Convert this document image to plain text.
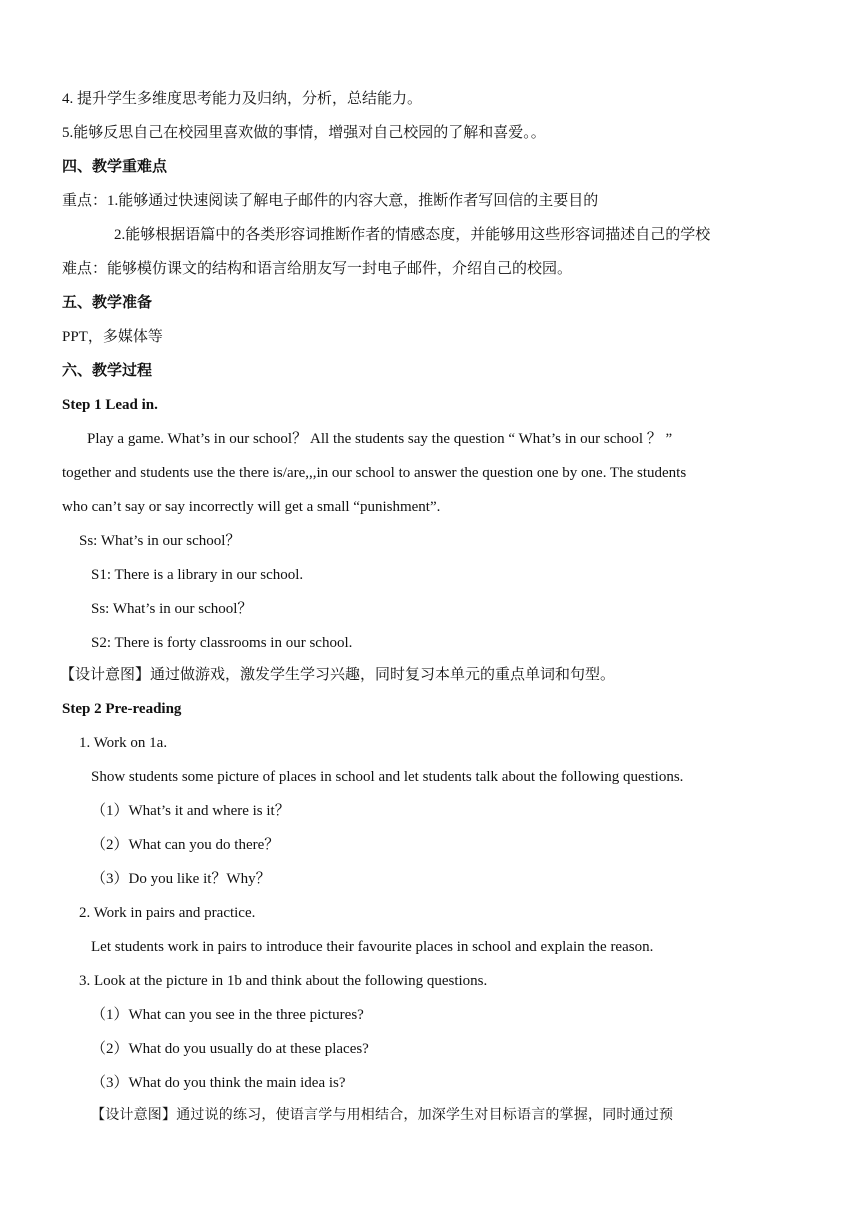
4. 提升学生多维度思考能力及归纳，分析，总结能力。
5.能够反思自己在校园里喜欢做的事情，增强对自己校园的了解和喜爱。。
四、教学重难点
重点：1.能够通过快速阅读了解电子邮件的内容大意，推断作者写回信的主要目的
2.能够根据语篇中的各类形容词推断作者的情感态度，并能够用这些形容词描述自己的学校
难点：能够模仿课文的结构和语言给朋友写一封电子邮件，介绍自己的校园。
五、教学准备
PPT，多媒体等
六、教学过程
Step 1 Lead in.
Play a game. What’s in our school？ All the students say the question “ What’s in our school ？ ”
together and students use the there is/are,,,in our school to answer the question one by one. The students
who can’t say or say incorrectly will get a small “punishment”.
Ss: What’s in our school？
S1: There is a library in our school.
Ss: What’s in our school？
S2: There is forty classrooms in our school.
【设计意图】通过做游戏，激发学生学习兴趣，同时复习本单元的重点单词和句型。
Step 2 Pre-reading
1. Work on 1a.
Show students some picture of places in school and let students talk about the following questions.
（1）What’s it and where is it？
（2）What can you do there？
（3）Do you like it？Why？
2. Work in pairs and practice.
Let students work in pairs to introduce their favourite places in school and explain the reason.
3. Look at the picture in 1b and think about the following questions.
（1）What can you see in the three pictures?
（2）What do you usually do at these places?
（3）What do you think the main idea is?
【设计意图】通过说的练习，使语言学与用相结合，加深学生对目标语言的掌握，同时通过预
